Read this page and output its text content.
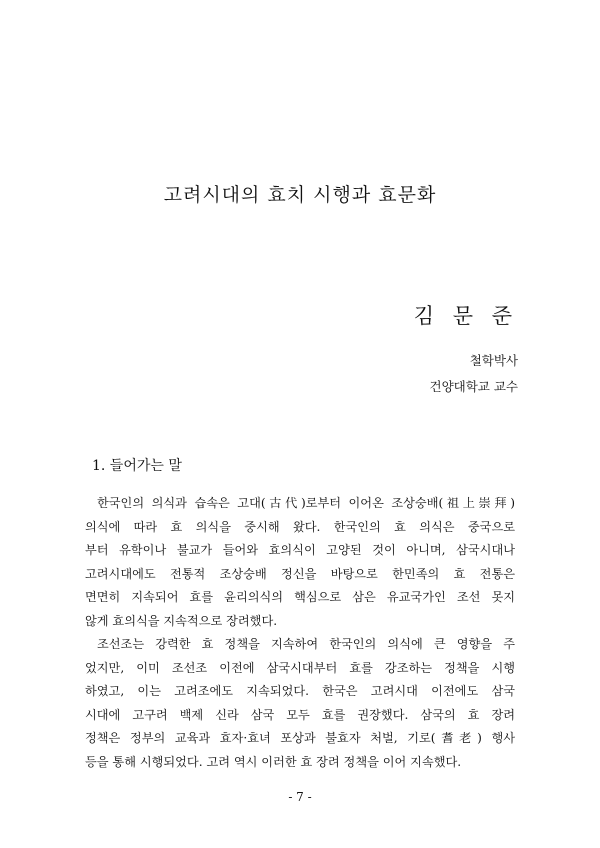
고려시대의 효치 시행과 효문화
김 문 준
철학박사
건양대학교 교수
1. 들어가는 말
한국인의 의식과 습속은 고대(古代)로부터 이어온 조상숭배(祖上崇拜)
의식에 따라 효 의식을 중시해 왔다. 한국인의 효 의식은 중국으로
부터 유학이나 불교가 들어와 효의식이 고양된 것이 아니며, 삼국시대나
고려시대에도 전통적 조상숭배 정신을 바탕으로 한민족의 효 전통은
면면히 지속되어 효를 윤리의식의 핵심으로 삼은 유교국가인 조선 못지
않게 효의식을 지속적으로 장려했다.
조선조는 강력한 효 정책을 지속하여 한국인의 의식에 큰 영향을 주
었지만, 이미 조선조 이전에 삼국시대부터 효를 강조하는 정책을 시행
하였고, 이는 고려조에도 지속되었다. 한국은 고려시대 이전에도 삼국
시대에 고구려 백제 신라 삼국 모두 효를 권장했다. 삼국의 효 장려
정책은 정부의 교육과 효자·효녀 포상과 불효자 처벌, 기로(耆老) 행사
등을 통해 시행되었다. 고려 역시 이러한 효 장려 정책을 이어 지속했다.
- 7 -
